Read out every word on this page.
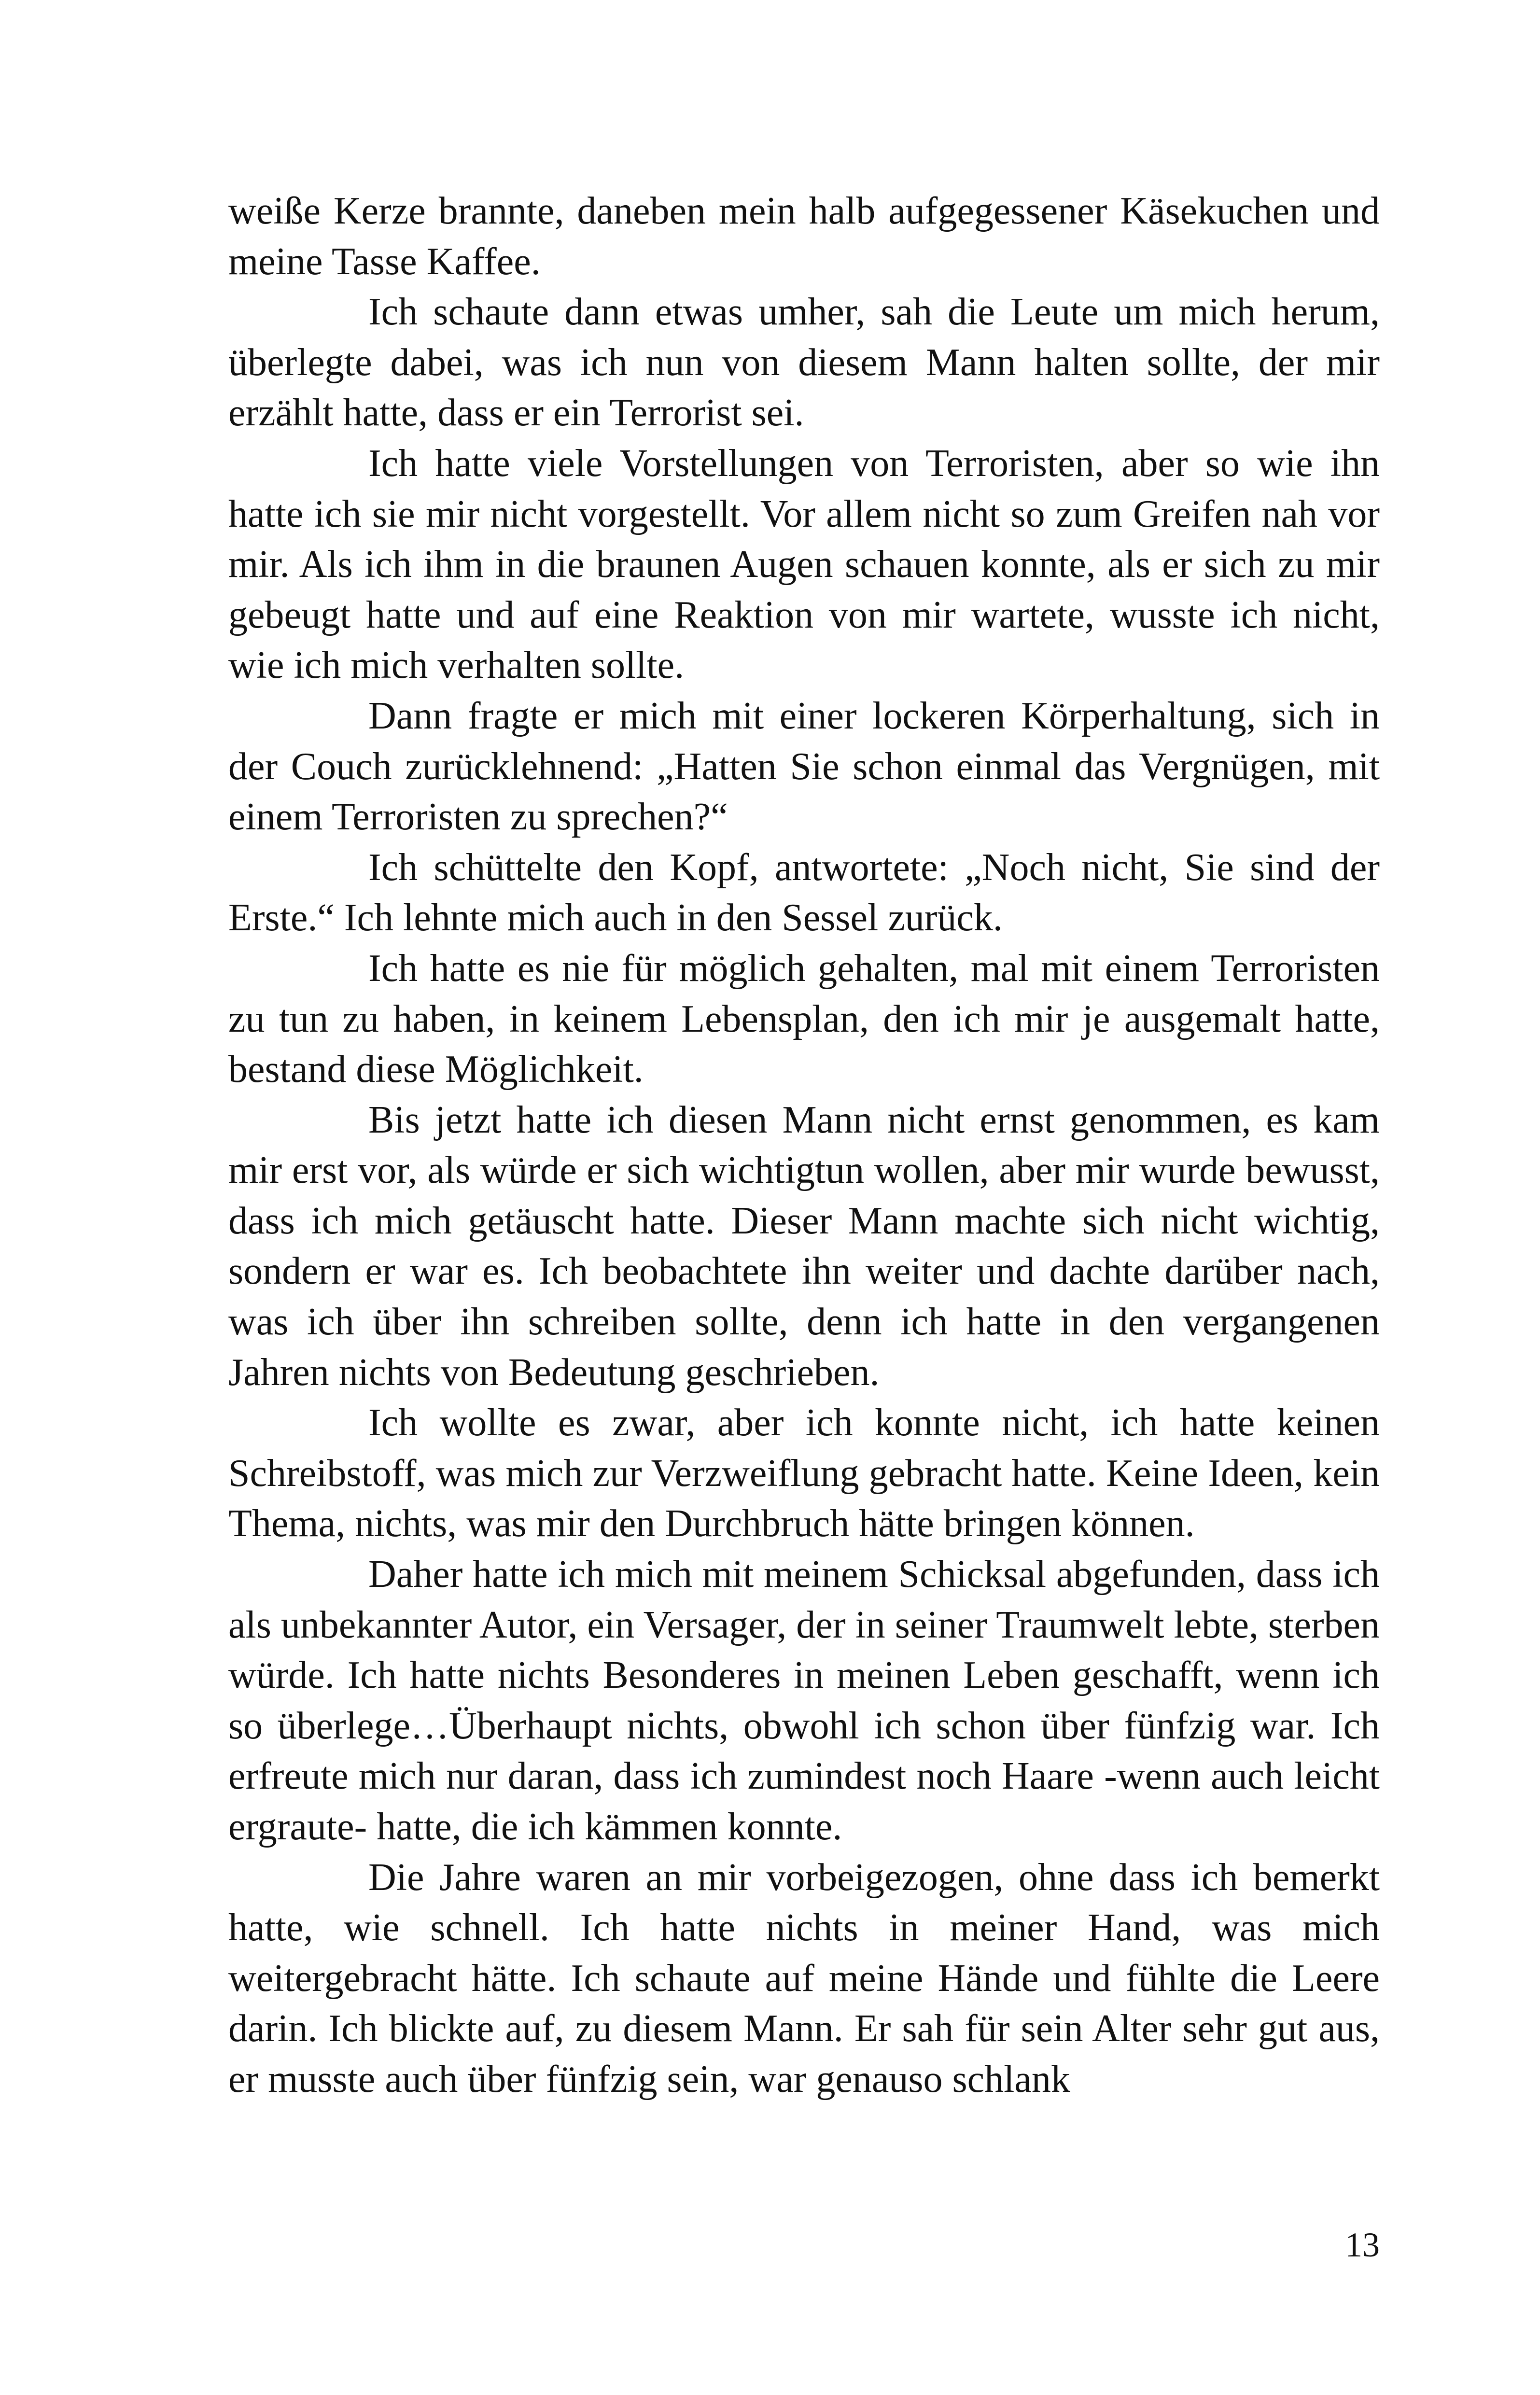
weiße Kerze brannte, daneben mein halb aufgegessener Käsekuchen und meine Tasse Kaffee.

Ich schaute dann etwas umher, sah die Leute um mich herum, überlegte dabei, was ich nun von diesem Mann halten sollte, der mir erzählt hatte, dass er ein Terrorist sei.

Ich hatte viele Vorstellungen von Terroristen, aber so wie ihn hatte ich sie mir nicht vorgestellt. Vor allem nicht so zum Greifen nah vor mir. Als ich ihm in die braunen Augen schauen konnte, als er sich zu mir gebeugt hatte und auf eine Reaktion von mir wartete, wusste ich nicht, wie ich mich verhalten sollte.

Dann fragte er mich mit einer lockeren Körperhaltung, sich in der Couch zurücklehnend: „Hatten Sie schon einmal das Vergnügen, mit einem Terroristen zu sprechen?“

Ich schüttelte den Kopf, antwortete: „Noch nicht, Sie sind der Erste.“ Ich lehnte mich auch in den Sessel zurück.

Ich hatte es nie für möglich gehalten, mal mit einem Terroristen zu tun zu haben, in keinem Lebensplan, den ich mir je ausgemalt hatte, bestand diese Möglichkeit.

Bis jetzt hatte ich diesen Mann nicht ernst genommen, es kam mir erst vor, als würde er sich wichtigtun wollen, aber mir wurde bewusst, dass ich mich getäuscht hatte. Dieser Mann machte sich nicht wichtig, sondern er war es. Ich beobachtete ihn weiter und dachte darüber nach, was ich über ihn schreiben sollte, denn ich hatte in den vergangenen Jahren nichts von Bedeutung geschrieben.

Ich wollte es zwar, aber ich konnte nicht, ich hatte keinen Schreibstoff, was mich zur Verzweiflung gebracht hatte. Keine Ideen, kein Thema, nichts, was mir den Durchbruch hätte bringen können.

Daher hatte ich mich mit meinem Schicksal abgefunden, dass ich als unbekannter Autor, ein Versager, der in seiner Traumwelt lebte, sterben würde. Ich hatte nichts Besonderes in meinen Leben geschafft, wenn ich so überlege…Überhaupt nichts, obwohl ich schon über fünfzig war. Ich erfreute mich nur daran, dass ich zumindest noch Haare -wenn auch leicht ergraute- hatte, die ich kämmen konnte.

Die Jahre waren an mir vorbeigezogen, ohne dass ich bemerkt hatte, wie schnell. Ich hatte nichts in meiner Hand, was mich weitergebracht hätte. Ich schaute auf meine Hände und fühlte die Leere darin. Ich blickte auf, zu diesem Mann. Er sah für sein Alter sehr gut aus, er musste auch über fünfzig sein, war genauso schlank

13
